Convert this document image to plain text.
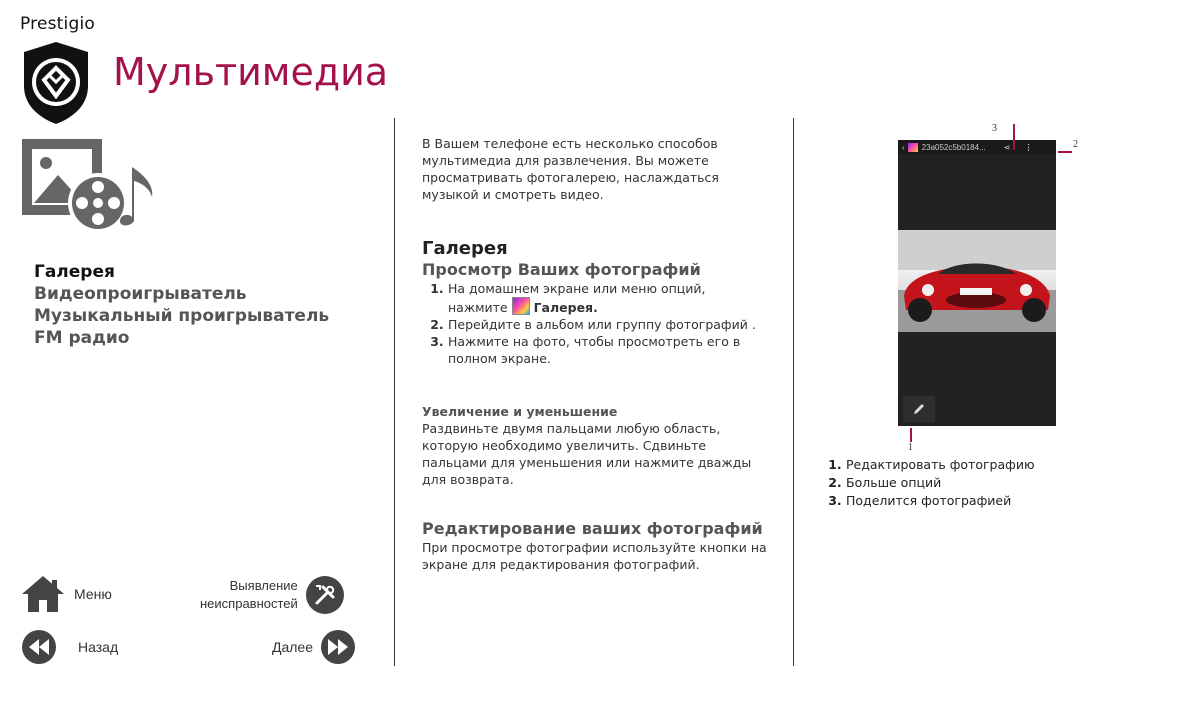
Prestigio
Мультимедиа
Галерея
Видеопроигрыватель
Музыкальный проигрыватель
FM радио
Меню
Выявление
неисправностей
Назад	Далее
В Вашем телефоне есть несколько способов мультимедиа для развлечения. Вы можете просматривать фотогалерею, наслаждаться музыкой и смотреть видео.
Галерея
Просмотр Ваших фотографий
1. На домашнем экране или меню опций,
нажмите Галерея.
2. Перейдите в альбом или группу фотографий .
3. Нажмите на фото, чтобы просмотреть его в полном экране.
Увеличение и уменьшение
Раздвиньте двумя пальцами любую область, которую необходимо увеличить. Сдвиньте пальцами для уменьшения или нажмите дважды для возврата.
Редактирование ваших фотографий
При просмотре фотографии используйте кнопки на экране для редактирования фотографий.
‹ 23a052c5b0184... ⋖ ⋮
3
2
1
1. Редактировать фотографию
2. Больше опций
3. Поделится фотографией
